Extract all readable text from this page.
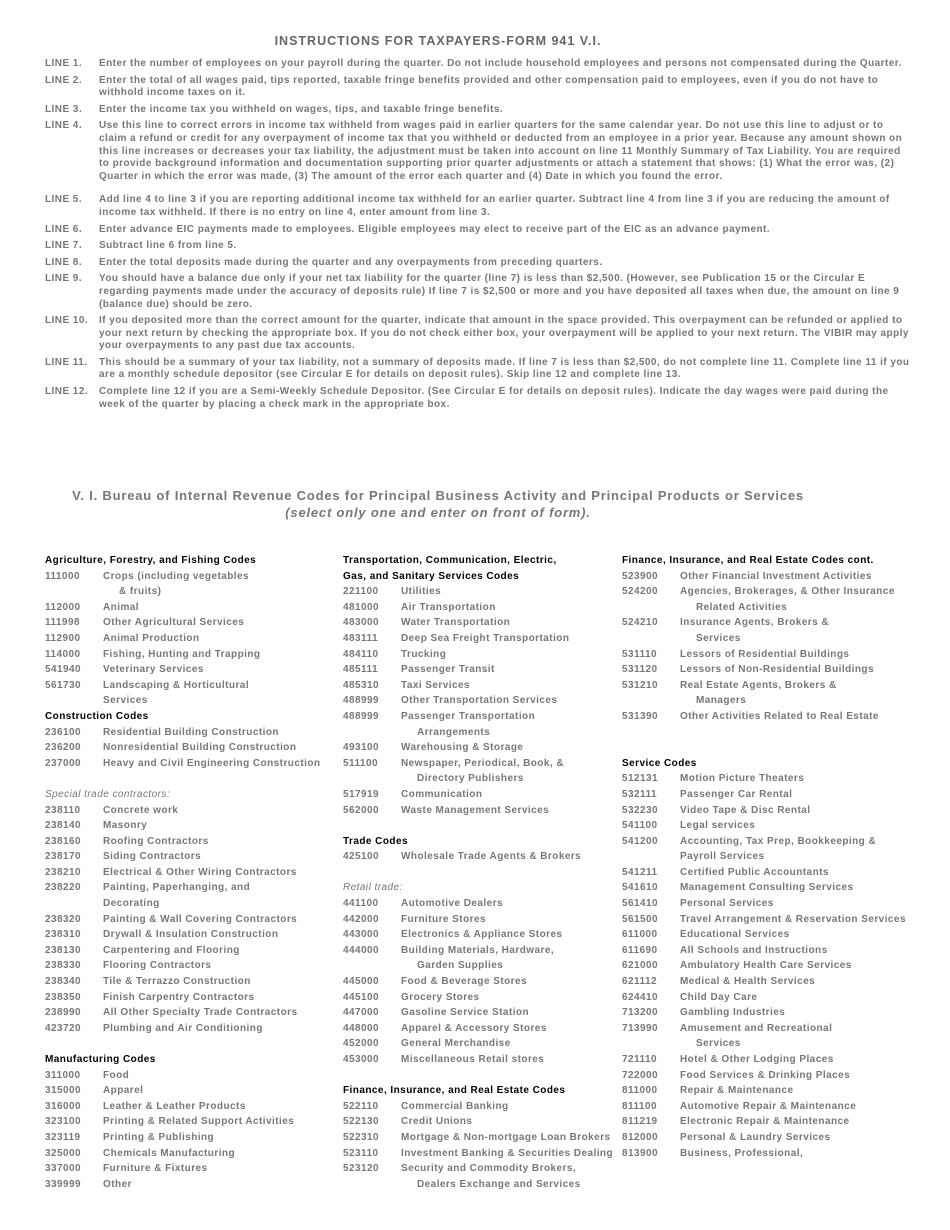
INSTRUCTIONS FOR TAXPAYERS-FORM 941 V.I.
LINE 1.	Enter the number of employees on your payroll during the quarter. Do not include household employees and persons not compensated during the Quarter.
LINE 2.	Enter the total of all wages paid, tips reported, taxable fringe benefits provided and other compensation paid to employees, even if you do not have to withhold income taxes on it.
LINE 3.	Enter the income tax you withheld on wages, tips, and taxable fringe benefits.
LINE 4.	Use this line to correct errors in income tax withheld from wages paid in earlier quarters for the same calendar year. Do not use this line to adjust or to claim a refund or credit for any overpayment of income tax that you withheld or deducted from an employee in a prior year. Because any amount shown on this line increases or decreases your tax liability, the adjustment must be taken into account on line 11 Monthly Summary of Tax Liability. You are required to provide background information and documentation supporting prior quarter adjustments or attach a statement that shows: (1) What the error was, (2) Quarter in which the error was made, (3) The amount of the error each quarter and (4) Date in which you found the error.
LINE 5.	Add line 4 to line 3 if you are reporting additional income tax withheld for an earlier quarter. Subtract line 4 from line 3 if you are reducing the amount of income tax withheld. If there is no entry on line 4, enter amount from line 3.
LINE 6.	Enter advance EIC payments made to employees. Eligible employees may elect to receive part of the EIC as an advance payment.
LINE 7.	Subtract line 6 from line 5.
LINE 8.	Enter the total deposits made during the quarter and any overpayments from preceding quarters.
LINE 9.	You should have a balance due only if your net tax liability for the quarter (line 7) is less than $2,500. (However, see Publication 15 or the Circular E regarding payments made under the accuracy of deposits rule) If line 7 is $2,500 or more and you have deposited all taxes when due, the amount on line 9 (balance due) should be zero.
LINE 10.	If you deposited more than the correct amount for the quarter, indicate that amount in the space provided. This overpayment can be refunded or applied to your next return by checking the appropriate box. If you do not check either box, your overpayment will be applied to your next return. The VIBIR may apply your overpayments to any past due tax accounts.
LINE 11.	This should be a summary of your tax liability, not a summary of deposits made. If line 7 is less than $2,500, do not complete line 11. Complete line 11 if you are a monthly schedule depositor (see Circular E for details on deposit rules). Skip line 12 and complete line 13.
LINE 12.	Complete line 12 if you are a Semi-Weekly Schedule Depositor. (See Circular E for details on deposit rules). Indicate the day wages were paid during the week of the quarter by placing a check mark in the appropriate box.
V. I. Bureau of Internal Revenue Codes for Principal Business Activity and Principal Products or Services
(select only one and enter on front of form).
Agriculture, Forestry, and Fishing Codes
111000 Crops (including vegetables
& fruits)
112000 Animal
111998 Other Agricultural Services
112900 Animal Production
114000 Fishing, Hunting and Trapping
541940 Veterinary Services
561730 Landscaping & Horticultural
Services
Construction Codes
236100 Residential Building Construction
236200 Nonresidential Building Construction
237000 Heavy and Civil Engineering Construction
Special trade contractors:
238110 Concrete work
238140 Masonry
238160 Roofing Contractors
238170 Siding Contractors
238210 Electrical & Other Wiring Contractors
238220 Painting, Paperhanging, and
Decorating
238320 Painting & Wall Covering Contractors
238310 Drywall & Insulation Construction
238130 Carpentering and Flooring
238330 Flooring Contractors
238340 Tile & Terrazzo Construction
238350 Finish Carpentry Contractors
238990 All Other Specialty Trade Contractors
423720 Plumbing and Air Conditioning
Manufacturing Codes
311000 Food
315000 Apparel
316000 Leather & Leather Products
323100 Printing & Related Support Activities
323119 Printing & Publishing
325000 Chemicals Manufacturing
337000 Furniture & Fixtures
339999 Other
Transportation, Communication, Electric,
Gas, and Sanitary Services Codes
221100 Utilities
481000 Air Transportation
483000 Water Transportation
483111 Deep Sea Freight Transportation
484110 Trucking
485111 Passenger Transit
485310 Taxi Services
488999 Other Transportation Services
488999 Passenger Transportation
Arrangements
493100 Warehousing & Storage
511100 Newspaper, Periodical, Book, &
Directory Publishers
517919 Communication
562000 Waste Management Services
Trade Codes
425100 Wholesale Trade Agents & Brokers
Retail trade:
441100 Automotive Dealers
442000 Furniture Stores
443000 Electronics & Appliance Stores
444000 Building Materials, Hardware,
Garden Supplies
445000 Food & Beverage Stores
445100 Grocery Stores
447000 Gasoline Service Station
448000 Apparel & Accessory Stores
452000 General Merchandise
453000 Miscellaneous Retail stores
Finance, Insurance, and Real Estate Codes
522110 Commercial Banking
522130 Credit Unions
522310 Mortgage & Non-mortgage Loan Brokers
523110 Investment Banking & Securities Dealing
523120 Security and Commodity Brokers,
Dealers Exchange and Services
Finance, Insurance, and Real Estate Codes cont.
523900 Other Financial Investment Activities
524200 Agencies, Brokerages, & Other Insurance
Related Activities
524210 Insurance Agents, Brokers &
Services
531110 Lessors of Residential Buildings
531120 Lessors of Non-Residential Buildings
531210 Real Estate Agents, Brokers &
Managers
531390 Other Activities Related to Real Estate
Service Codes
512131 Motion Picture Theaters
532111 Passenger Car Rental
532230 Video Tape & Disc Rental
541100 Legal services
541200 Accounting, Tax Prep, Bookkeeping &
Payroll Services
541211 Certified Public Accountants
541610 Management Consulting Services
561410 Personal Services
561500 Travel Arrangement & Reservation Services
611000 Educational Services
611690 All Schools and Instructions
621000 Ambulatory Health Care Services
621112 Medical & Health Services
624410 Child Day Care
713200 Gambling Industries
713990 Amusement and Recreational
Services
721110 Hotel & Other Lodging Places
722000 Food Services & Drinking Places
811000 Repair & Maintenance
811100 Automotive Repair & Maintenance
811219 Electronic Repair & Maintenance
812000 Personal & Laundry Services
813900 Business, Professional,
